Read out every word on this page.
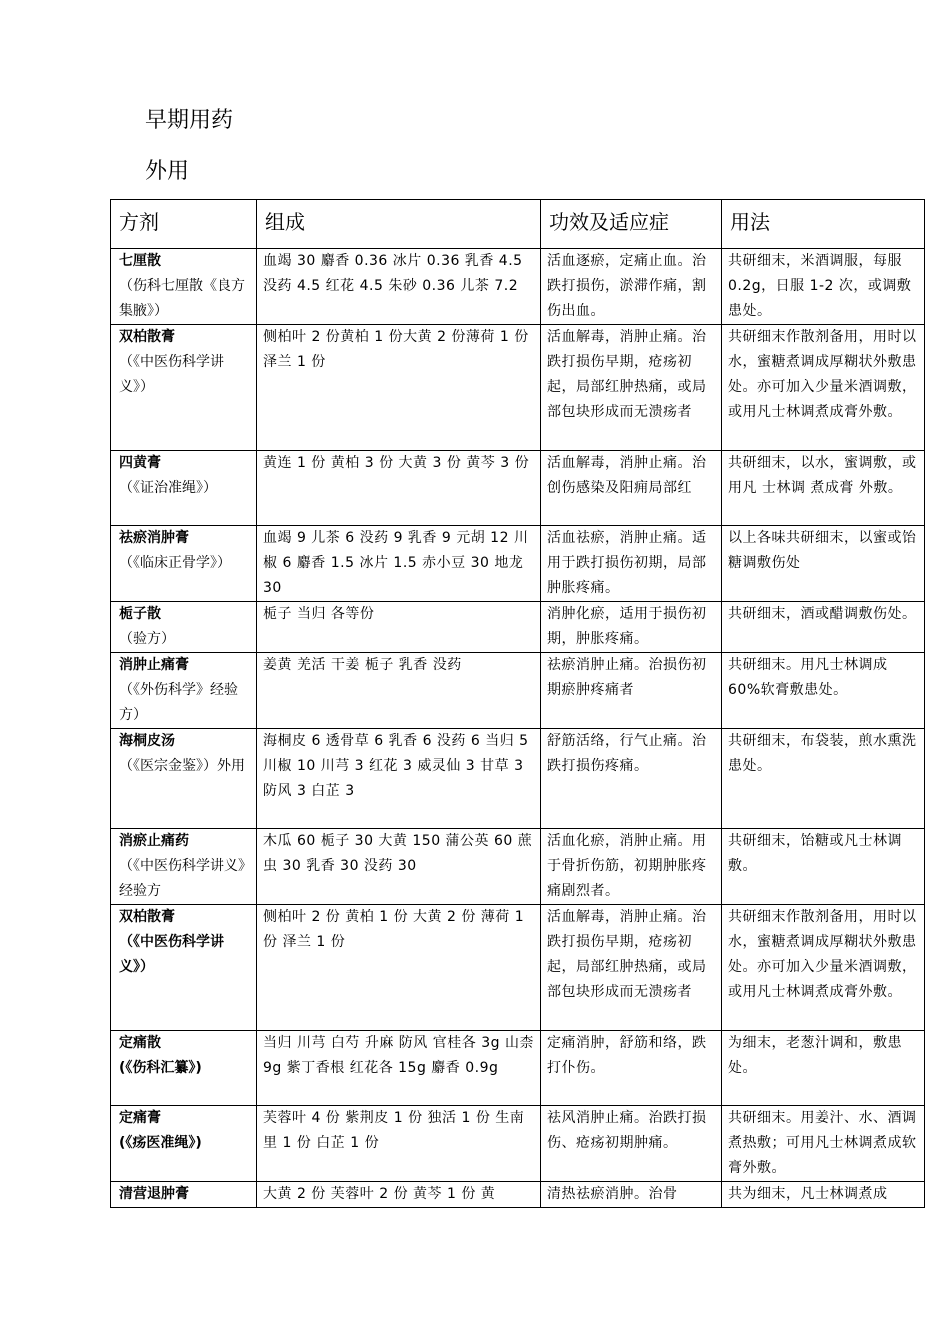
早期用药
外用
方剂	组成	功效及适应症	用法

七厘散
（伤科七厘散《良方集腋》）	血竭 30 麝香 0.36 冰片 0.36 乳香 4.5 没药 4.5 红花 4.5 朱砂 0.36 儿茶 7.2	活血逐瘀，定痛止血。治跌打损伤，淤滞作痛，割伤出血。	共研细末，米酒调服，每服 0.2g，日服 1-2 次，或调敷患处。

双柏散膏
（《中医伤科学讲义》）	侧柏叶 2 份黄柏 1 份大黄 2 份薄荷 1 份泽兰 1 份	活血解毒，消肿止痛。治跌打损伤早期，疮疡初起，局部红肿热痛，或局部包块形成而无溃疡者	共研细末作散剂备用，用时以水，蜜糖煮调成厚糊状外敷患处。亦可加入少量米酒调敷，或用凡士林调煮成膏外敷。

四黄膏
（《证治准绳》）	黄连 1 份 黄柏 3 份 大黄 3 份 黄芩 3 份	活血解毒，消肿止痛。治创伤感染及阳痈局部红	共研细末，以水，蜜调敷，或用凡 士林调 煮成膏 外敷。

祛瘀消肿膏
（《临床正骨学》）	血竭 9 儿茶 6 没药 9 乳香 9 元胡 12 川椒 6 麝香 1.5 冰片 1.5 赤小豆 30 地龙 30	活血祛瘀，消肿止痛。适用于跌打损伤初期，局部肿胀疼痛。	以上各味共研细末，以蜜或饴糖调敷伤处

栀子散
（验方）	栀子 当归 各等份	消肿化瘀，适用于损伤初期，肿胀疼痛。	共研细末，酒或醋调敷伤处。

消肿止痛膏
（《外伤科学》经验方）	姜黄 羌活 干姜 栀子 乳香 没药	祛瘀消肿止痛。治损伤初期瘀肿疼痛者	共研细末。用凡士林调成 60%软膏敷患处。

海桐皮汤
（《医宗金鉴》）外用	海桐皮 6 透骨草 6 乳香 6 没药 6 当归 5 川椒 10 川芎 3 红花 3 威灵仙 3 甘草 3 防风 3 白芷 3	舒筋活络，行气止痛。治跌打损伤疼痛。	共研细末，布袋装，煎水熏洗患处。

消瘀止痛药
（《中医伤科学讲义》经验方	木瓜 60 栀子 30 大黄 150 蒲公英 60 蔗虫 30 乳香 30 没药 30	活血化瘀，消肿止痛。用于骨折伤筋，初期肿胀疼痛剧烈者。	共研细末，饴糖或凡士林调敷。

双柏散膏
（《中医伤科学讲义》）	侧柏叶 2 份 黄柏 1 份 大黄 2 份 薄荷 1 份 泽兰 1 份	活血解毒，消肿止痛。治跌打损伤早期，疮疡初起，局部红肿热痛，或局部包块形成而无溃疡者	共研细末作散剂备用，用时以水，蜜糖煮调成厚糊状外敷患处。亦可加入少量米酒调敷，或用凡士林调煮成膏外敷。

定痛散
(《伤科汇纂》)	当归 川芎 白芍 升麻 防风 官桂各 3g 山柰 9g 紫丁香根 红花各 15g 麝香 0.9g	定痛消肿，舒筋和络，跌打仆伤。	为细末，老葱汁调和，敷患处。

定痛膏
(《疡医准绳》)	芙蓉叶 4 份 紫荆皮 1 份 独活 1 份 生南里 1 份 白芷 1 份	祛风消肿止痛。治跌打损伤、疮疡初期肿痛。	共研细末。用姜汁、水、酒调煮热敷；可用凡士林调煮成软膏外敷。

清营退肿膏	大黄 2 份 芙蓉叶 2 份 黄芩 1 份 黄	清热祛瘀消肿。治骨	共为细末，凡士林调煮成
